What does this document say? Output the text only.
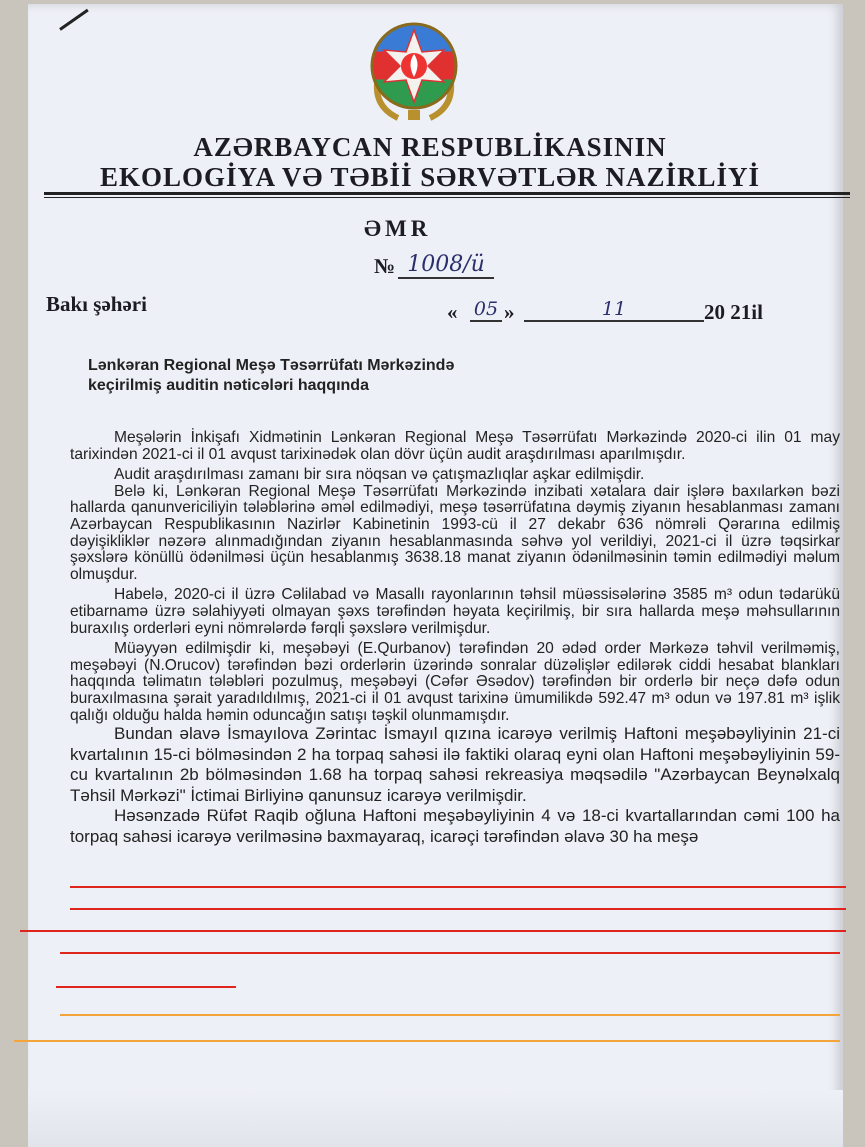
AZƏRBAYCAN RESPUBLİKASININ
EKOLOGİYA VƏ TƏBİİ SƏRVƏTLƏR NAZİRLİYİ
ƏMR
№ 1008/ü
Bakı şəhəri	« 05 »	11	20 21il
Lənkəran Regional Meşə Təsərrüfatı Mərkəzində
keçirilmiş auditin nəticələri haqqında

Meşələrin İnkişafı Xidmətinin Lənkəran Regional Meşə Təsərrüfatı Mərkəzində 2020-ci ilin 01 may tarixindən 2021-ci il 01 avqust tarixinədək olan dövr üçün audit araşdırılması aparılmışdır.

Audit araşdırılması zamanı bir sıra nöqsan və çatışmazlıqlar aşkar edilmişdir.

Belə ki, Lənkəran Regional Meşə Təsərrüfatı Mərkəzində inzibati xətalara dair işlərə baxılarkən bəzi hallarda qanunvericiliyin tələblərinə əməl edilmədiyi, meşə təsərrüfatına dəymiş ziyanın hesablanması zamanı Azərbaycan Respublikasının Nazirlər Kabinetinin 1993-cü il 27 dekabr 636 nömrəli Qərarına edilmiş dəyişikliklər nəzərə alınmadığından ziyanın hesablanmasında səhvə yol verildiyi, 2021-ci il üzrə təqsirkar şəxslərə könüllü ödənilməsi üçün hesablanmış 3638.18 manat ziyanın ödənilməsinin təmin edilmədiyi məlum olmuşdur.

Habelə, 2020-ci il üzrə Cəlilabad və Masallı rayonlarının təhsil müəssisələrinə 3585 m³ odun tədarükü etibarnamə üzrə səlahiyyəti olmayan şəxs tərəfindən həyata keçirilmiş, bir sıra hallarda meşə məhsullarının buraxılış orderləri eyni nömrələrdə fərqli şəxslərə verilmişdur.

Müəyyən edilmişdir ki, meşəbəyi (E.Qurbanov) tərəfindən 20 ədəd order Mərkəzə təhvil verilməmiş, meşəbəyi (N.Orucov) tərəfindən bəzi orderlərin üzərində sonralar düzəlişlər edilərək ciddi hesabat blankları haqqında təlimatın tələbləri pozulmuş, meşəbəyi (Cəfər Əsədov) tərəfindən bir orderlə bir neçə dəfə odun buraxılmasına şərait yaradıldılmış, 2021-ci il 01 avqust tarixinə ümumilikdə 592.47 m³ odun və 197.81 m³ işlik qalığı olduğu halda həmin oduncağın satışı təşkil olunmamışdır.

Bundan əlavə İsmayılova Zərintac İsmayıl qızına icarəyə verilmiş Haftoni meşəbəyliyinin 21-ci kvartalının 15-ci bölməsindən 2 ha torpaq sahəsi ilə faktiki olaraq eyni olan Haftoni meşəbəyliyinin 59-cu kvartalının 2b bölməsindən 1.68 ha torpaq sahəsi rekreasiya məqsədilə "Azərbaycan Beynəlxalq Təhsil Mərkəzi" İctimai Birliyinə qanunsuz icarəyə verilmişdir.

Həsənzadə Rüfət Raqib oğluna Haftoni meşəbəyliyinin 4 və 18-ci kvartallarından cəmi 100 ha torpaq sahəsi icarəyə verilməsinə baxmayaraq, icarəçi tərəfindən əlavə 30 ha meşə
